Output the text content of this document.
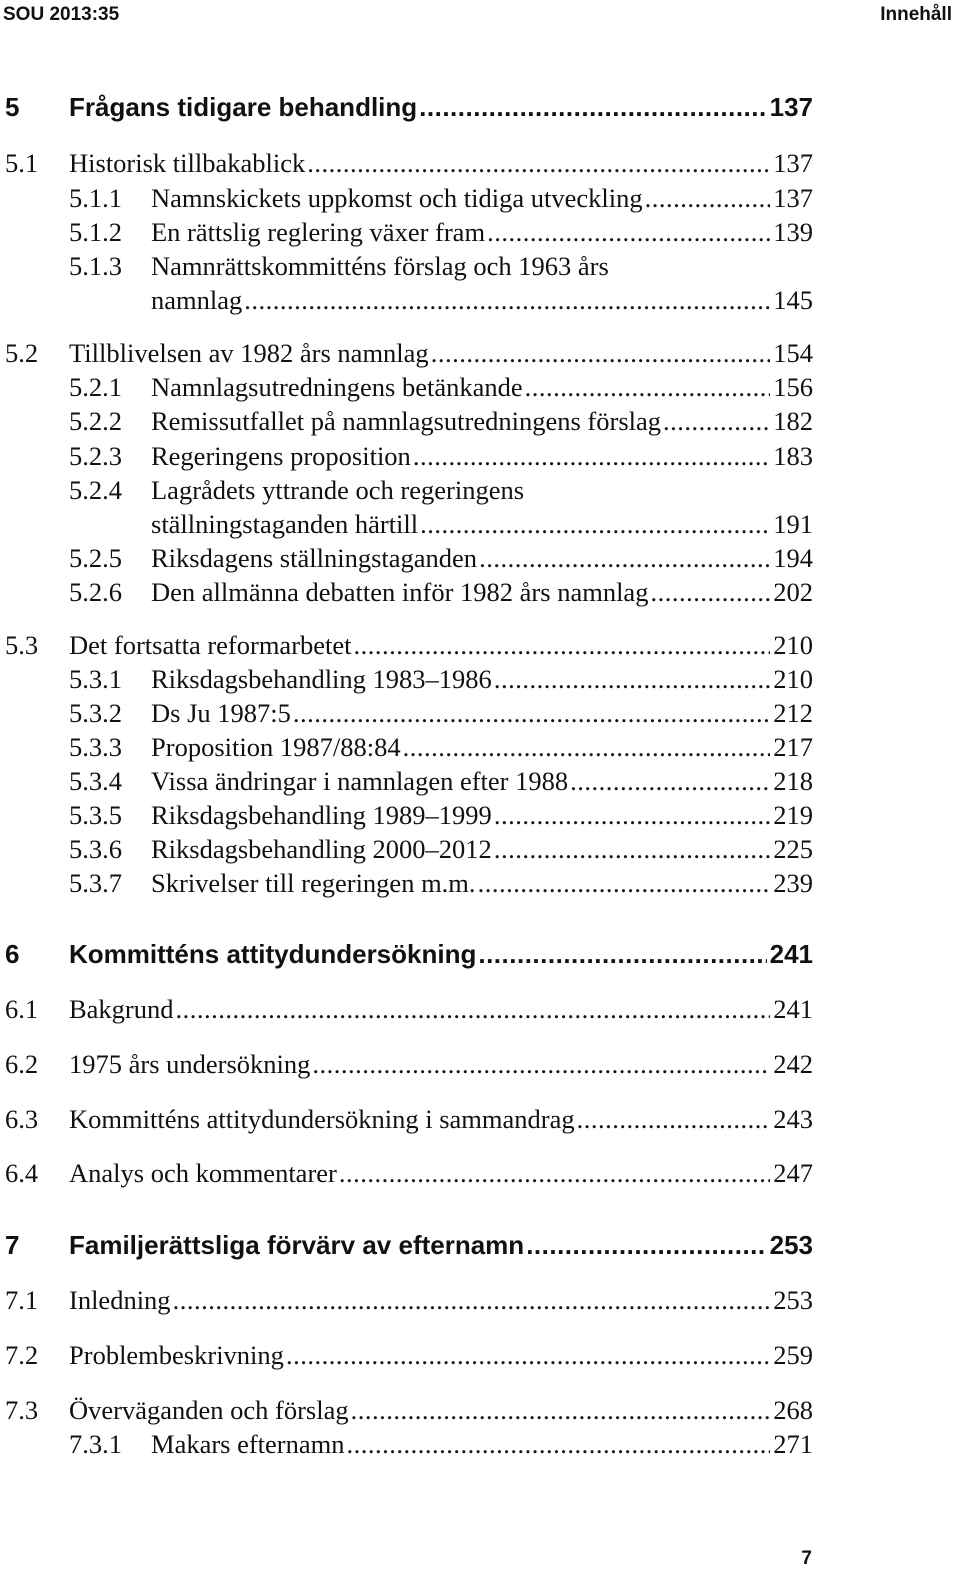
SOU 2013:35	Innehåll
5 Frågans tidigare behandling .....	137
5.1 Historisk tillbakablick .....	137
5.1.1 Namnskickets uppkomst och tidiga utveckling .....	137
5.1.2 En rättslig reglering växer fram .....	139
5.1.3 Namnrättskommitténs förslag och 1963 års
namnlag .....	145
5.2 Tillblivelsen av 1982 års namnlag .....	154
5.2.1 Namnlagsutredningens betänkande .....	156
5.2.2 Remissutfallet på namnlagsutredningens förslag .....	182
5.2.3 Regeringens proposition .....	183
5.2.4 Lagrådets yttrande och regeringens
ställningstaganden härtill .....	191
5.2.5 Riksdagens ställningstaganden .....	194
5.2.6 Den allmänna debatten inför 1982 års namnlag .....	202
5.3 Det fortsatta reformarbetet .....	210
5.3.1 Riksdagsbehandling 1983–1986 .....	210
5.3.2 Ds Ju 1987:5 .....	212
5.3.3 Proposition 1987/88:84 .....	217
5.3.4 Vissa ändringar i namnlagen efter 1988 .....	218
5.3.5 Riksdagsbehandling 1989–1999 .....	219
5.3.6 Riksdagsbehandling 2000–2012 .....	225
5.3.7 Skrivelser till regeringen m.m. .....	239
6 Kommitténs attitydundersökning .....	241
6.1 Bakgrund .....	241
6.2 1975 års undersökning .....	242
6.3 Kommitténs attitydundersökning i sammandrag .....	243
6.4 Analys och kommentarer .....	247
7 Familjerättsliga förvärv av efternamn .....	253
7.1 Inledning .....	253
7.2 Problembeskrivning .....	259
7.3 Överväganden och förslag .....	268
7.3.1 Makars efternamn .....	271
7
